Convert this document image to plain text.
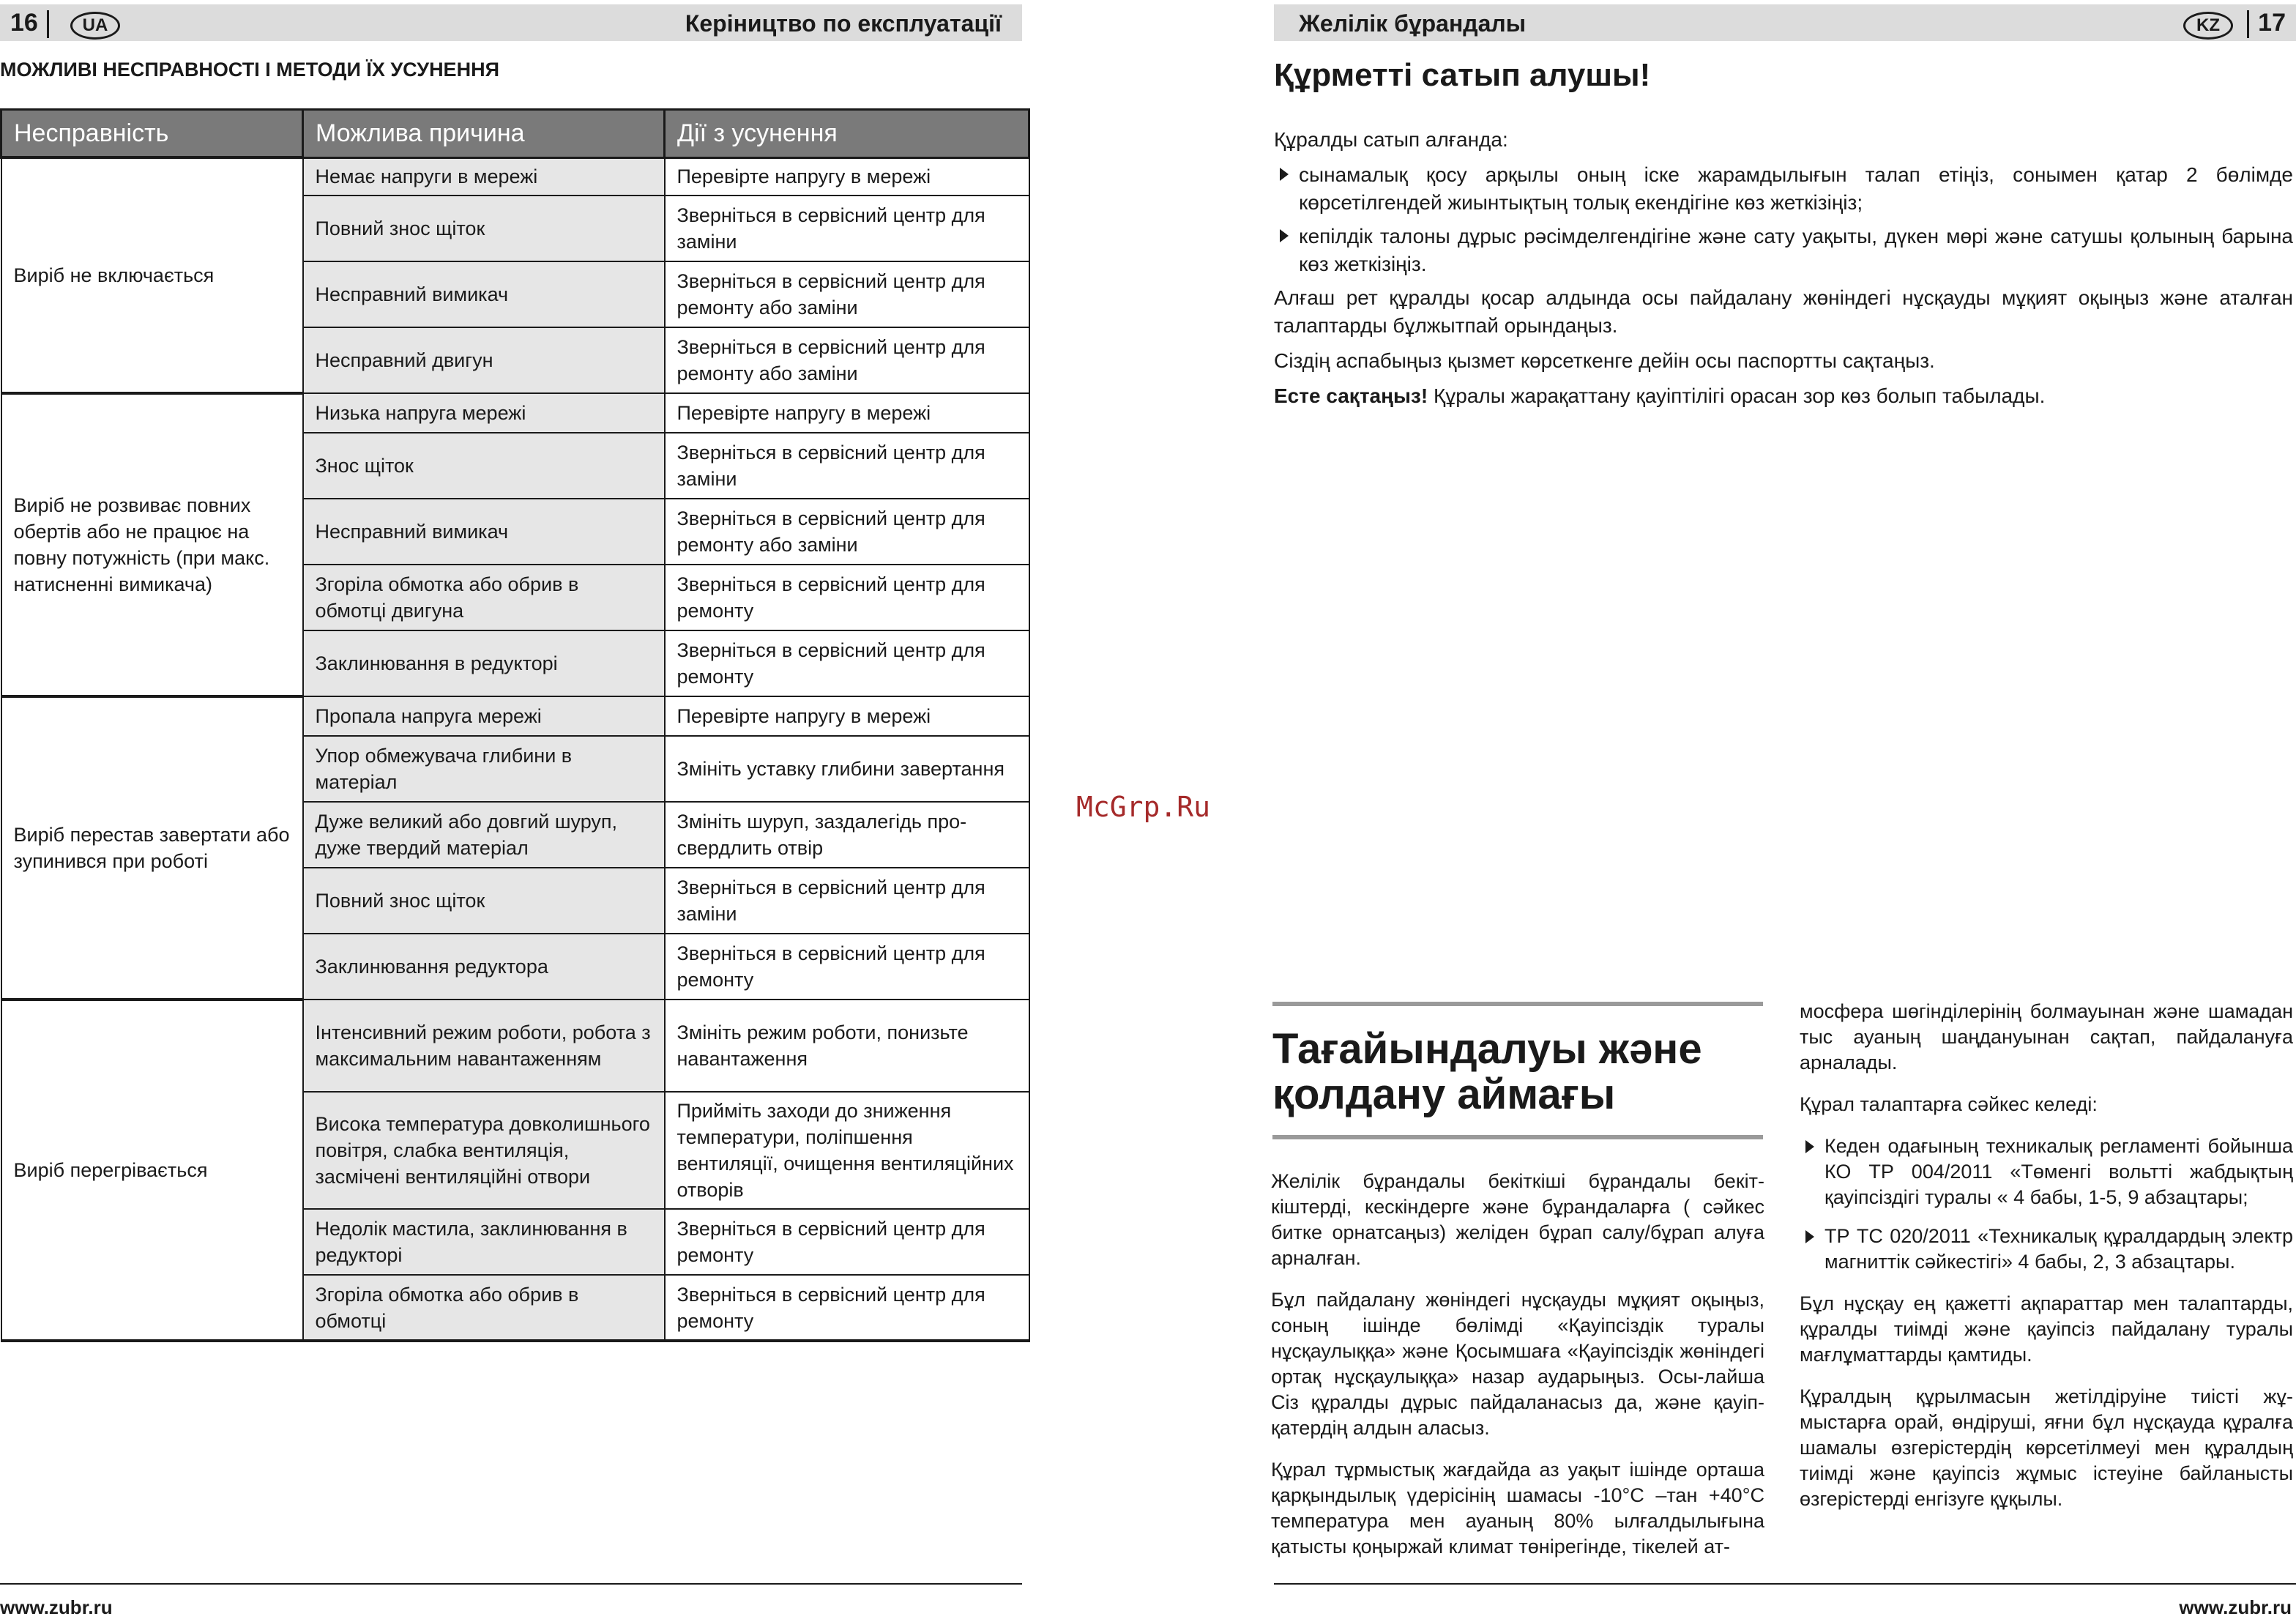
16	UA	Керiництво по експлуатацiї
МОЖЛИВІ НЕСПРАВНОСТІ І МЕТОДИ ЇХ УСУНЕННЯ
Несправність	Можлива причина	Дії з усунення
Виріб не включається	Немає напруги в мережі	Перевірте напругу в мережі
	Повний знос щіток	Зверніться в сервісний центр для заміни
	Несправний вимикач	Зверніться в сервісний центр для ремонту або заміни
	Несправний двигун	Зверніться в сервісний центр для ремонту або заміни
Виріб не розвиває повних обертів або не працює на повну потужність (при макс. натисненні вимикача)	Низька напруга мережі	Перевірте напругу в мережі
	Знос щіток	Зверніться в сервісний центр для заміни
	Несправний вимикач	Зверніться в сервісний центр для ремонту або заміни
	Згоріла обмотка або обрив в обмотці двигуна	Зверніться в сервісний центр для ремонту
	Заклинювання в редукторі	Зверніться в сервісний центр для ремонту
Виріб перестав завертати або зупинився при роботі	Пропала напруга мережі	Перевірте напругу в мережі
	Упор обмежувача глибини в матеріал	Змініть уставку глибини завертання
	Дуже великий або довгий шуруп, дуже твердий матеріал	Змініть шуруп, заздалегідь просвердлить отвір
	Повний знос щіток	Зверніться в сервісний центр для заміни
	Заклинювання редуктора	Зверніться в сервісний центр для ремонту
Виріб перегрівається	Інтенсивний режим роботи, робота з максимальним навантаженням	Змініть режим роботи, понизьте навантаження
	Висока температура довколишнього повітря, слабка вентиляція, засмічені вентиляційні отвори	Прийміть заходи до зниження температури, поліпшення вентиляції, очищення вентиляційних отворів
	Недолік мастила, заклинювання в редукторі	Зверніться в сервісний центр для ремонту
	Згоріла обмотка або обрив в обмотці	Зверніться в сервісний центр для ремонту
McGrp.Ru
www.zubr.ru
Желілік бұрандалы	KZ	17
Құрметті сатып алушы!

Құралды сатып алғанда:

сынамалық қосу арқылы оның іске жарамдылығын талап етіңіз, сонымен қатар 2 бөлімде көрсетілгендей жиынтықтың толық екендігіне көз жеткізіңіз;
кепілдік талоны дұрыс рәсімделгендігіне және сату уақыты, дүкен мөрі және сатушы қолының барына көз жеткізіңіз.

Алғаш рет құралды қосар алдында осы пайдалану жөніндегі нұсқауды мұқият оқыңыз және аталған талаптарды бұлжытпай орындаңыз.

Сіздің аспабыңыз қызмет көрсеткенге дейін осы паспортты сақтаңыз.

Есте сақтаңыз! Құралы жарақаттану қауіптілігі орасан зор көз болып табылады.

Тағайындалуы және қолдану аймағы

Желілік бұрандалы бекіткіші бұрандалы бекіткіштерді, кескіндерге және бұрандаларға ( сәйкес битке орнатсаңыз) желіден бұрап салу/бұрап алуға арналған.

Бұл пайдалану жөніндегі нұсқауды мұқият оқыңыз, соның ішінде бөлімді «Қауіпсіздік туралы нұсқаулыққа» және Қосымшаға «Қауіпсіздік жөніндегі ортақ нұсқаулыққа» назар аударыңыз. Осы-лайша Сіз құралды дұрыс пайдаланасыз да, және қауіп-қатердің алдын аласыз.

Құрал тұрмыстық жағдайда аз уақыт ішінде орташа қарқындылық үдерісінің шамасы -10°С –тан +40°С температура мен ауаның 80% ылғалдылығына қатысты қоңыржай климат төнірегінде, тікелей ат-

мосфера шөгінділерінің болмауынан және шамадан тыс ауаның шаңдануынан сақтап, пайдалануға арналады.

Құрал талаптарға сәйкес келеді:

Кеден одағының техникалық регламенті бойынша КО ТР 004/2011 «Төменгі вольтті жабдықтың қауіпсіздігі туралы « 4 бабы, 1-5, 9 абзацтары;
ТР ТС 020/2011 «Техникалық құралдардың электр магниттік сәйкестігі» 4 бабы, 2, 3 абзацтары.

Бұл нұсқау ең қажетті ақпараттар мен талаптарды, құралды тиімді және қауіпсіз пайдалану туралы мағлұматтарды қамтиды.

Құралдың құрылмасын жетілдіруіне тиісті жұмыстарға орай, өндіруші, яғни бұл нұсқауда құралға шамалы өзгерістердің көрсетілмеуі мен құралдың тиімді және қауіпсіз жұмыс істеуіне байланысты өзгерістерді енгізуге құқылы.

www.zubr.ru
